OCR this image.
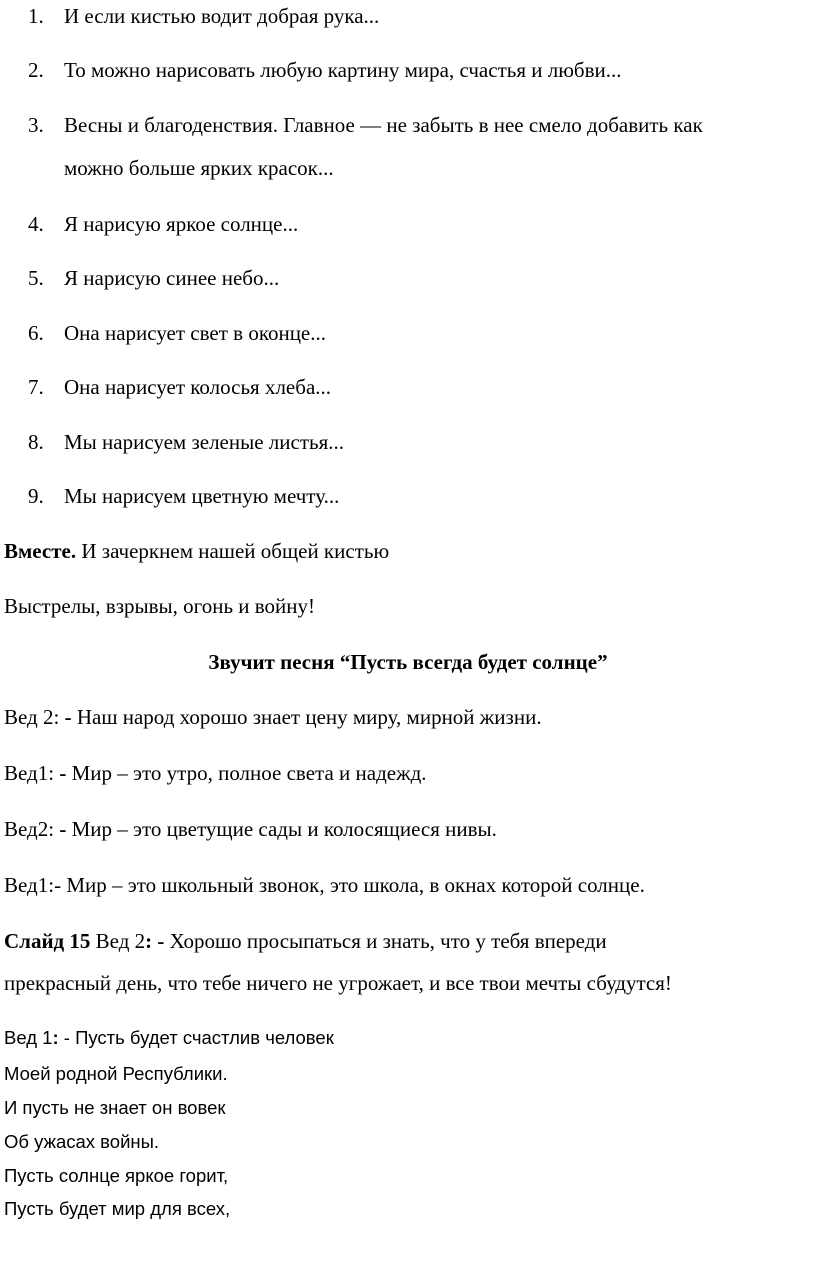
1. И если кистью водит добрая рука...
2. То можно нарисовать любую картину мира, счастья и любви...
3. Весны и благоденствия. Главное — не забыть в нее смело добавить как
можно больше ярких красок...
4. Я нарисую яркое солнце...
5. Я нарисую синее небо...
6. Она нарисует свет в оконце...
7. Она нарисует колосья хлеба...
8. Мы нарисуем зеленые листья...
9. Мы нарисуем цветную мечту...
Вместе. И зачеркнем нашей общей кистью
Выстрелы, взрывы, огонь и войну!
Звучит песня “Пусть всегда будет солнце”
Вед 2: - Наш народ хорошо знает цену миру, мирной жизни.
Вед1: - Мир – это утро, полное света и надежд.
Вед2: - Мир – это цветущие сады и колосящиеся нивы.
Вед1:- Мир – это школьный звонок, это школа, в окнах которой солнце.
Слайд 15 Вед 2: - Хорошо просыпаться и знать, что у тебя впереди
прекрасный день, что тебе ничего не угрожает, и все твои мечты сбудутся!
Вед 1: - Пусть будет счастлив человек
Моей родной Республики.
И пусть не знает он вовек
Об ужасах войны.
Пусть солнце яркое горит,
Пусть будет мир для всех,
